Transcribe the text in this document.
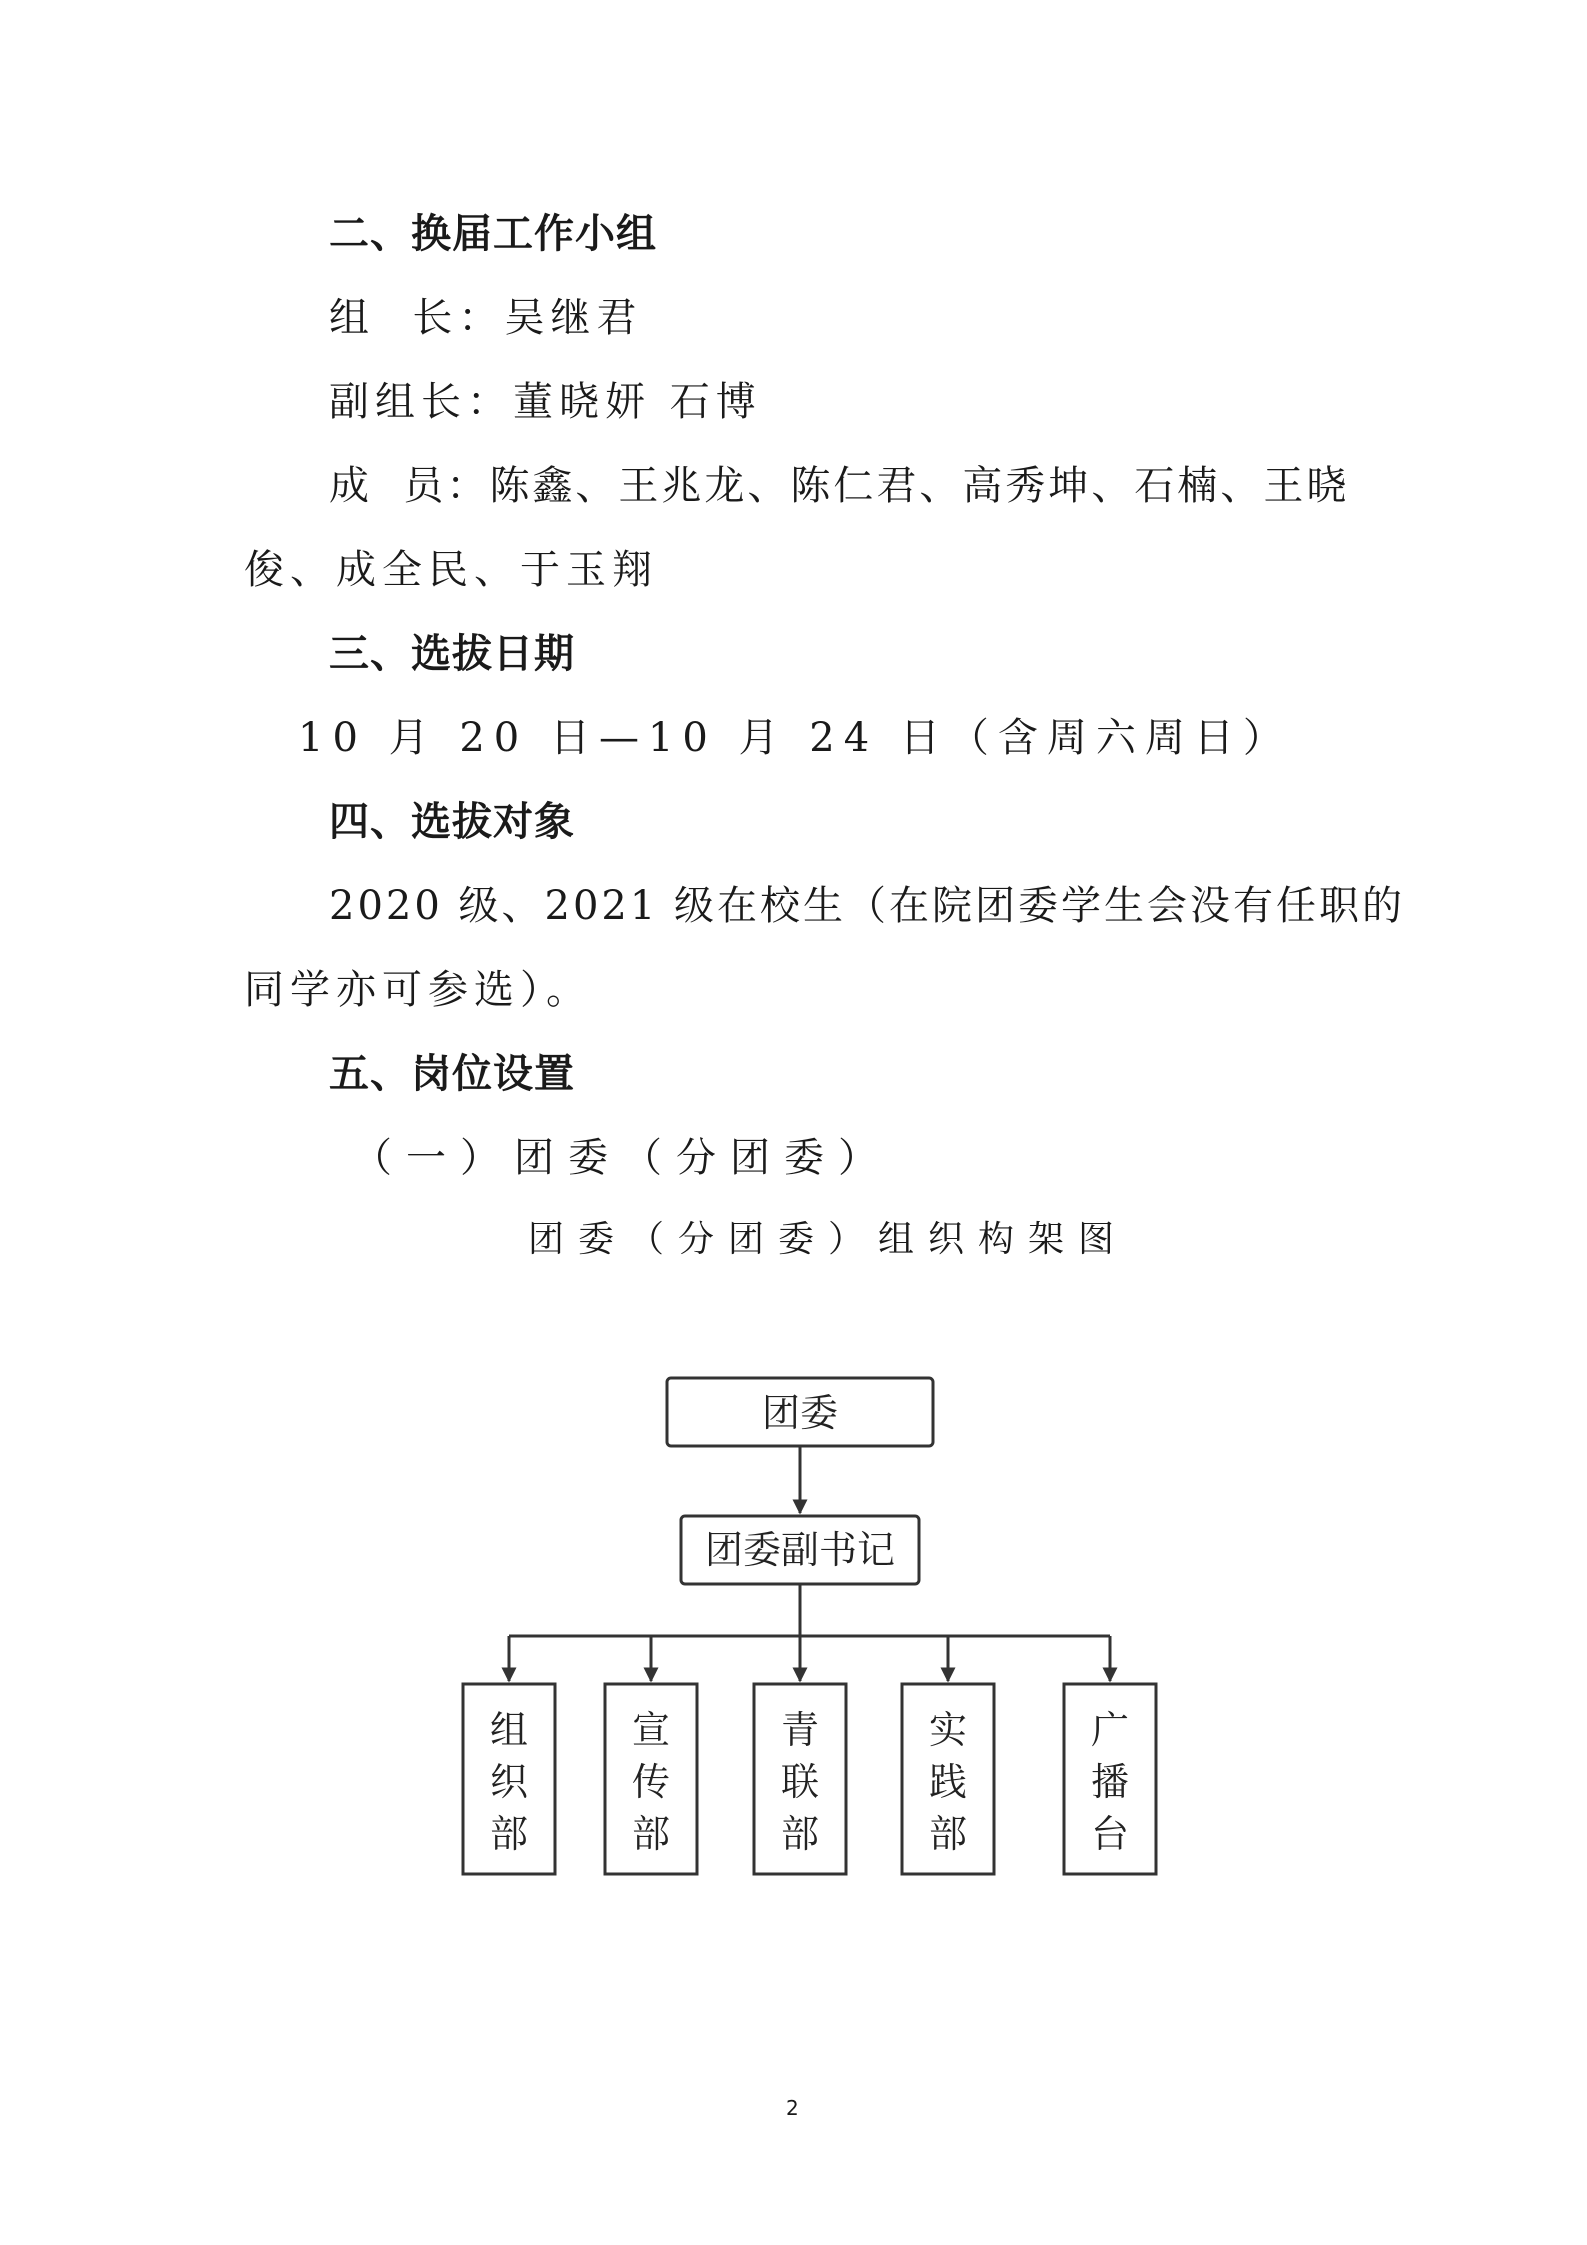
二、换届工作小组
组  长：吴继君
副组长：董晓妍 石博
成  员：陈鑫、王兆龙、陈仁君、高秀坤、石楠、王晓
俊、成全民、于玉翔
三、选拔日期
10 月 20 日—10 月 24 日（含周六周日）
四、选拔对象
2020 级、2021 级在校生（在院团委学生会没有任职的
同学亦可参选）。
五、岗位设置
（一）团委（分团委）
团委（分团委）组织构架图
团委
团委副书记
组织部
宣传部
青联部
实践部
广播台
2
